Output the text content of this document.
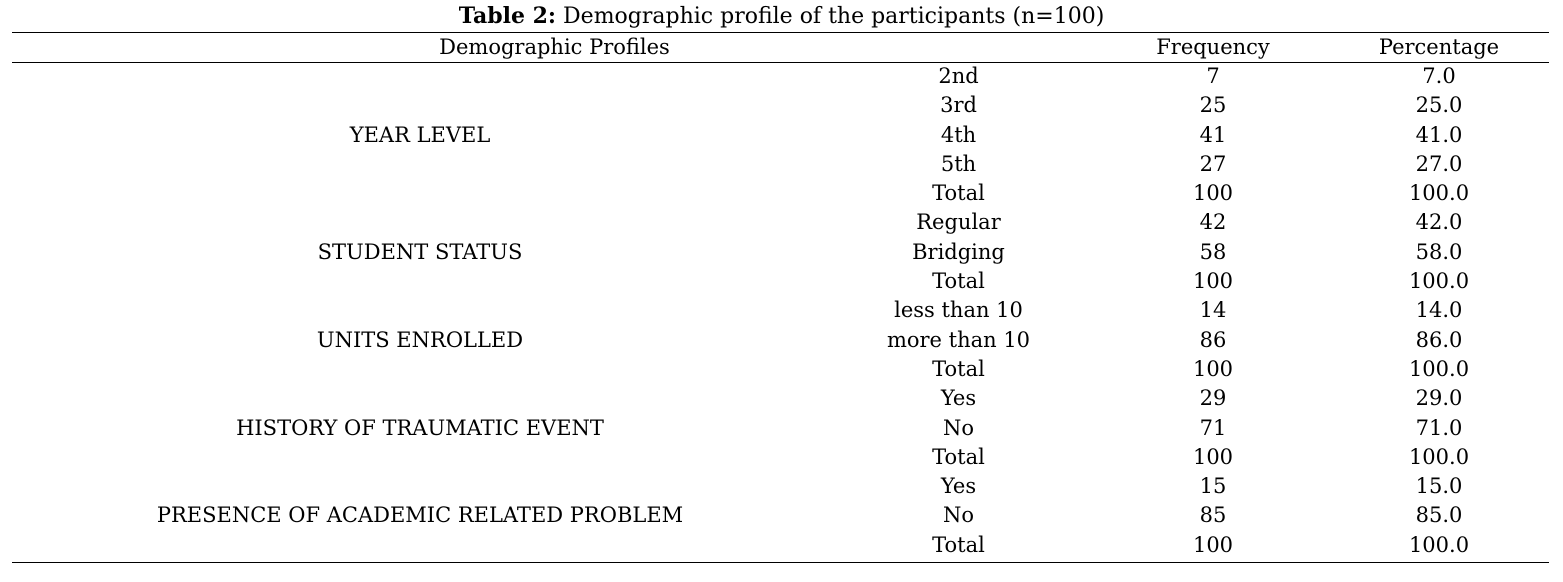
Table 2: Demographic profile of the participants (n=100)
Demographic Profiles		Frequency	Percentage
YEAR LEVEL	2nd	7	7.0
	3rd	25	25.0
	4th	41	41.0
	5th	27	27.0
	Total	100	100.0
STUDENT STATUS	Regular	42	42.0
	Bridging	58	58.0
	Total	100	100.0
UNITS ENROLLED	less than 10	14	14.0
	more than 10	86	86.0
	Total	100	100.0
HISTORY OF TRAUMATIC EVENT	Yes	29	29.0
	No	71	71.0
	Total	100	100.0
PRESENCE OF ACADEMIC RELATED PROBLEM	Yes	15	15.0
	No	85	85.0
	Total	100	100.0
